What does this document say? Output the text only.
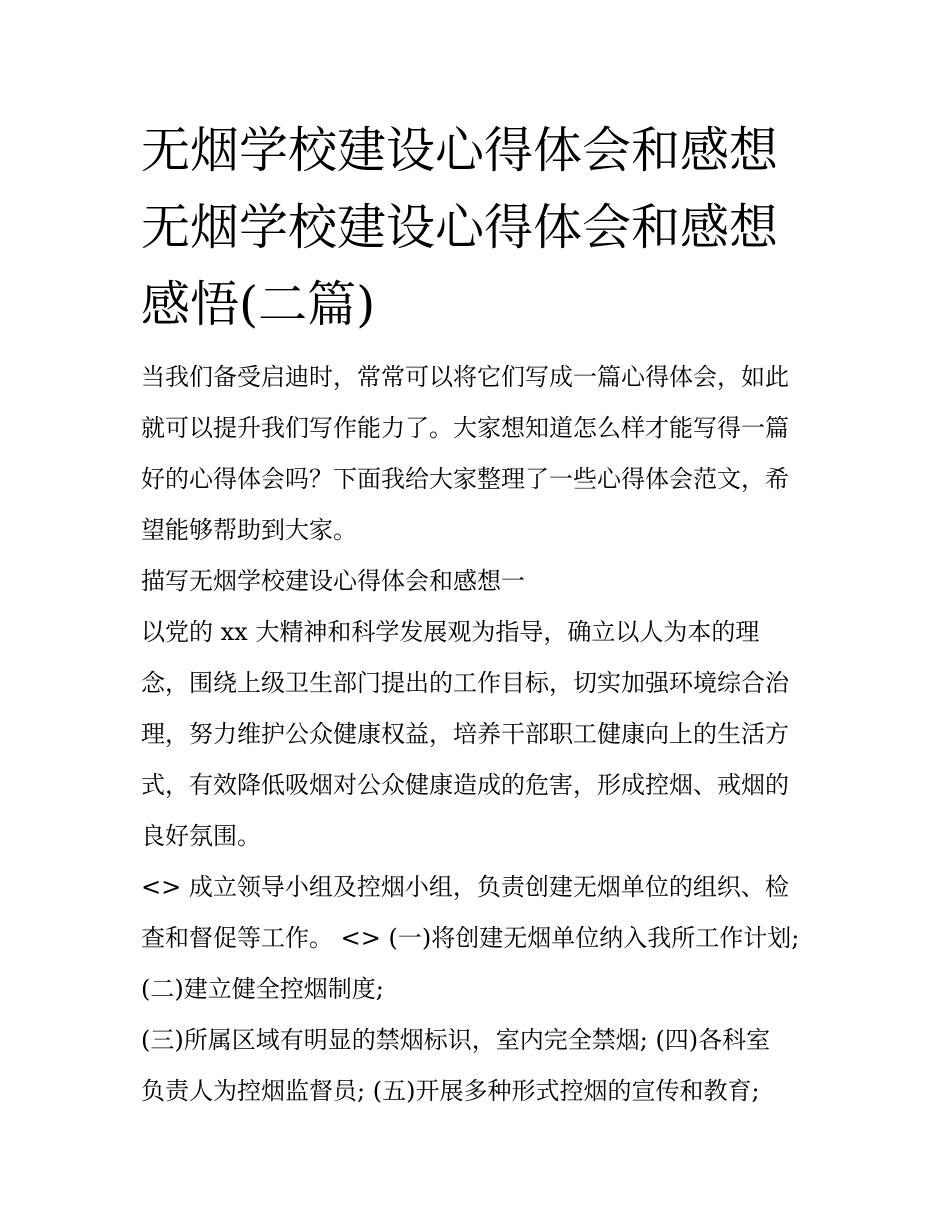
无烟学校建设心得体会和感想
无烟学校建设心得体会和感想
感悟(二篇)
当我们备受启迪时，常常可以将它们写成一篇心得体会，如此
就可以提升我们写作能力了。大家想知道怎么样才能写得一篇
好的心得体会吗？下面我给大家整理了一些心得体会范文，希
望能够帮助到大家。
描写无烟学校建设心得体会和感想一
以党的 xx 大精神和科学发展观为指导，确立以人为本的理
念，围绕上级卫生部门提出的工作目标，切实加强环境综合治
理，努力维护公众健康权益，培养干部职工健康向上的生活方
式，有效降低吸烟对公众健康造成的危害，形成控烟、戒烟的
良好氛围。
<> 成立领导小组及控烟小组，负责创建无烟单位的组织、检
查和督促等工作。 <> (一)将创建无烟单位纳入我所工作计划;
(二)建立健全控烟制度;
(三)所属区域有明显的禁烟标识，室内完全禁烟; (四)各科室
负责人为控烟监督员; (五)开展多种形式控烟的宣传和教育;
